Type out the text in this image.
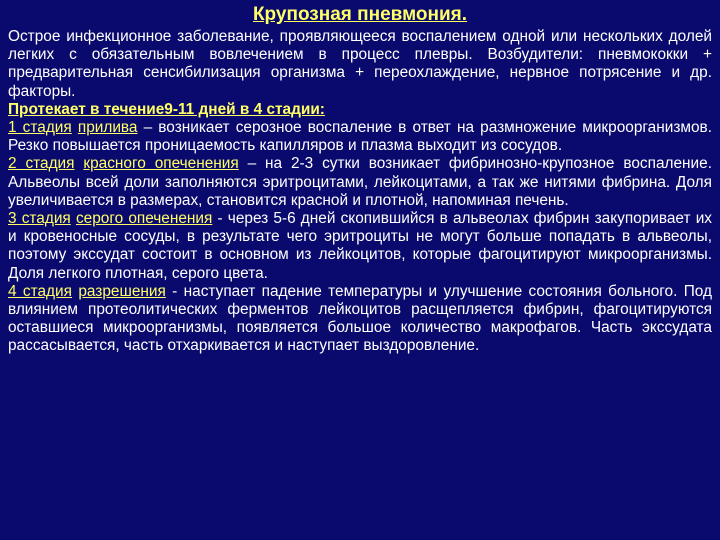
Крупозная пневмония.

Острое инфекционное заболевание, проявляющееся воспалением одной или нескольких долей легких с обязательным вовлечением в процесс плевры. Возбудители: пневмококки + предварительная сенсибилизация организма + переохлаждение, нервное потрясение и др. факторы.

Протекает в течение9-11 дней в 4 стадии:

1 стадия прилива – возникает серозное воспаление в ответ на размножение микроорганизмов. Резко повышается проницаемость капилляров и плазма выходит из сосудов.

2 стадия красного опеченения – на 2-3 сутки возникает фибринозно-крупозное воспаление. Альвеолы всей доли заполняются эритроцитами, лейкоцитами, а так же нитями фибрина. Доля увеличивается в размерах, становится красной и плотной, напоминая печень.

3 стадия серого опеченения - через 5-6 дней скопившийся в альвеолах фибрин закупоривает их и кровеносные сосуды, в результате чего эритроциты не могут больше попадать в альвеолы, поэтому экссудат состоит в основном из лейкоцитов, которые фагоцитируют микроорганизмы. Доля легкого плотная, серого цвета.

4 стадия разрешения - наступает падение температуры и улучшение состояния больного. Под влиянием протеолитических ферментов лейкоцитов расщепляется фибрин, фагоцитируются оставшиеся микроорганизмы, появляется большое количество макрофагов. Часть экссудата рассасывается, часть отхаркивается и наступает выздоровление.
